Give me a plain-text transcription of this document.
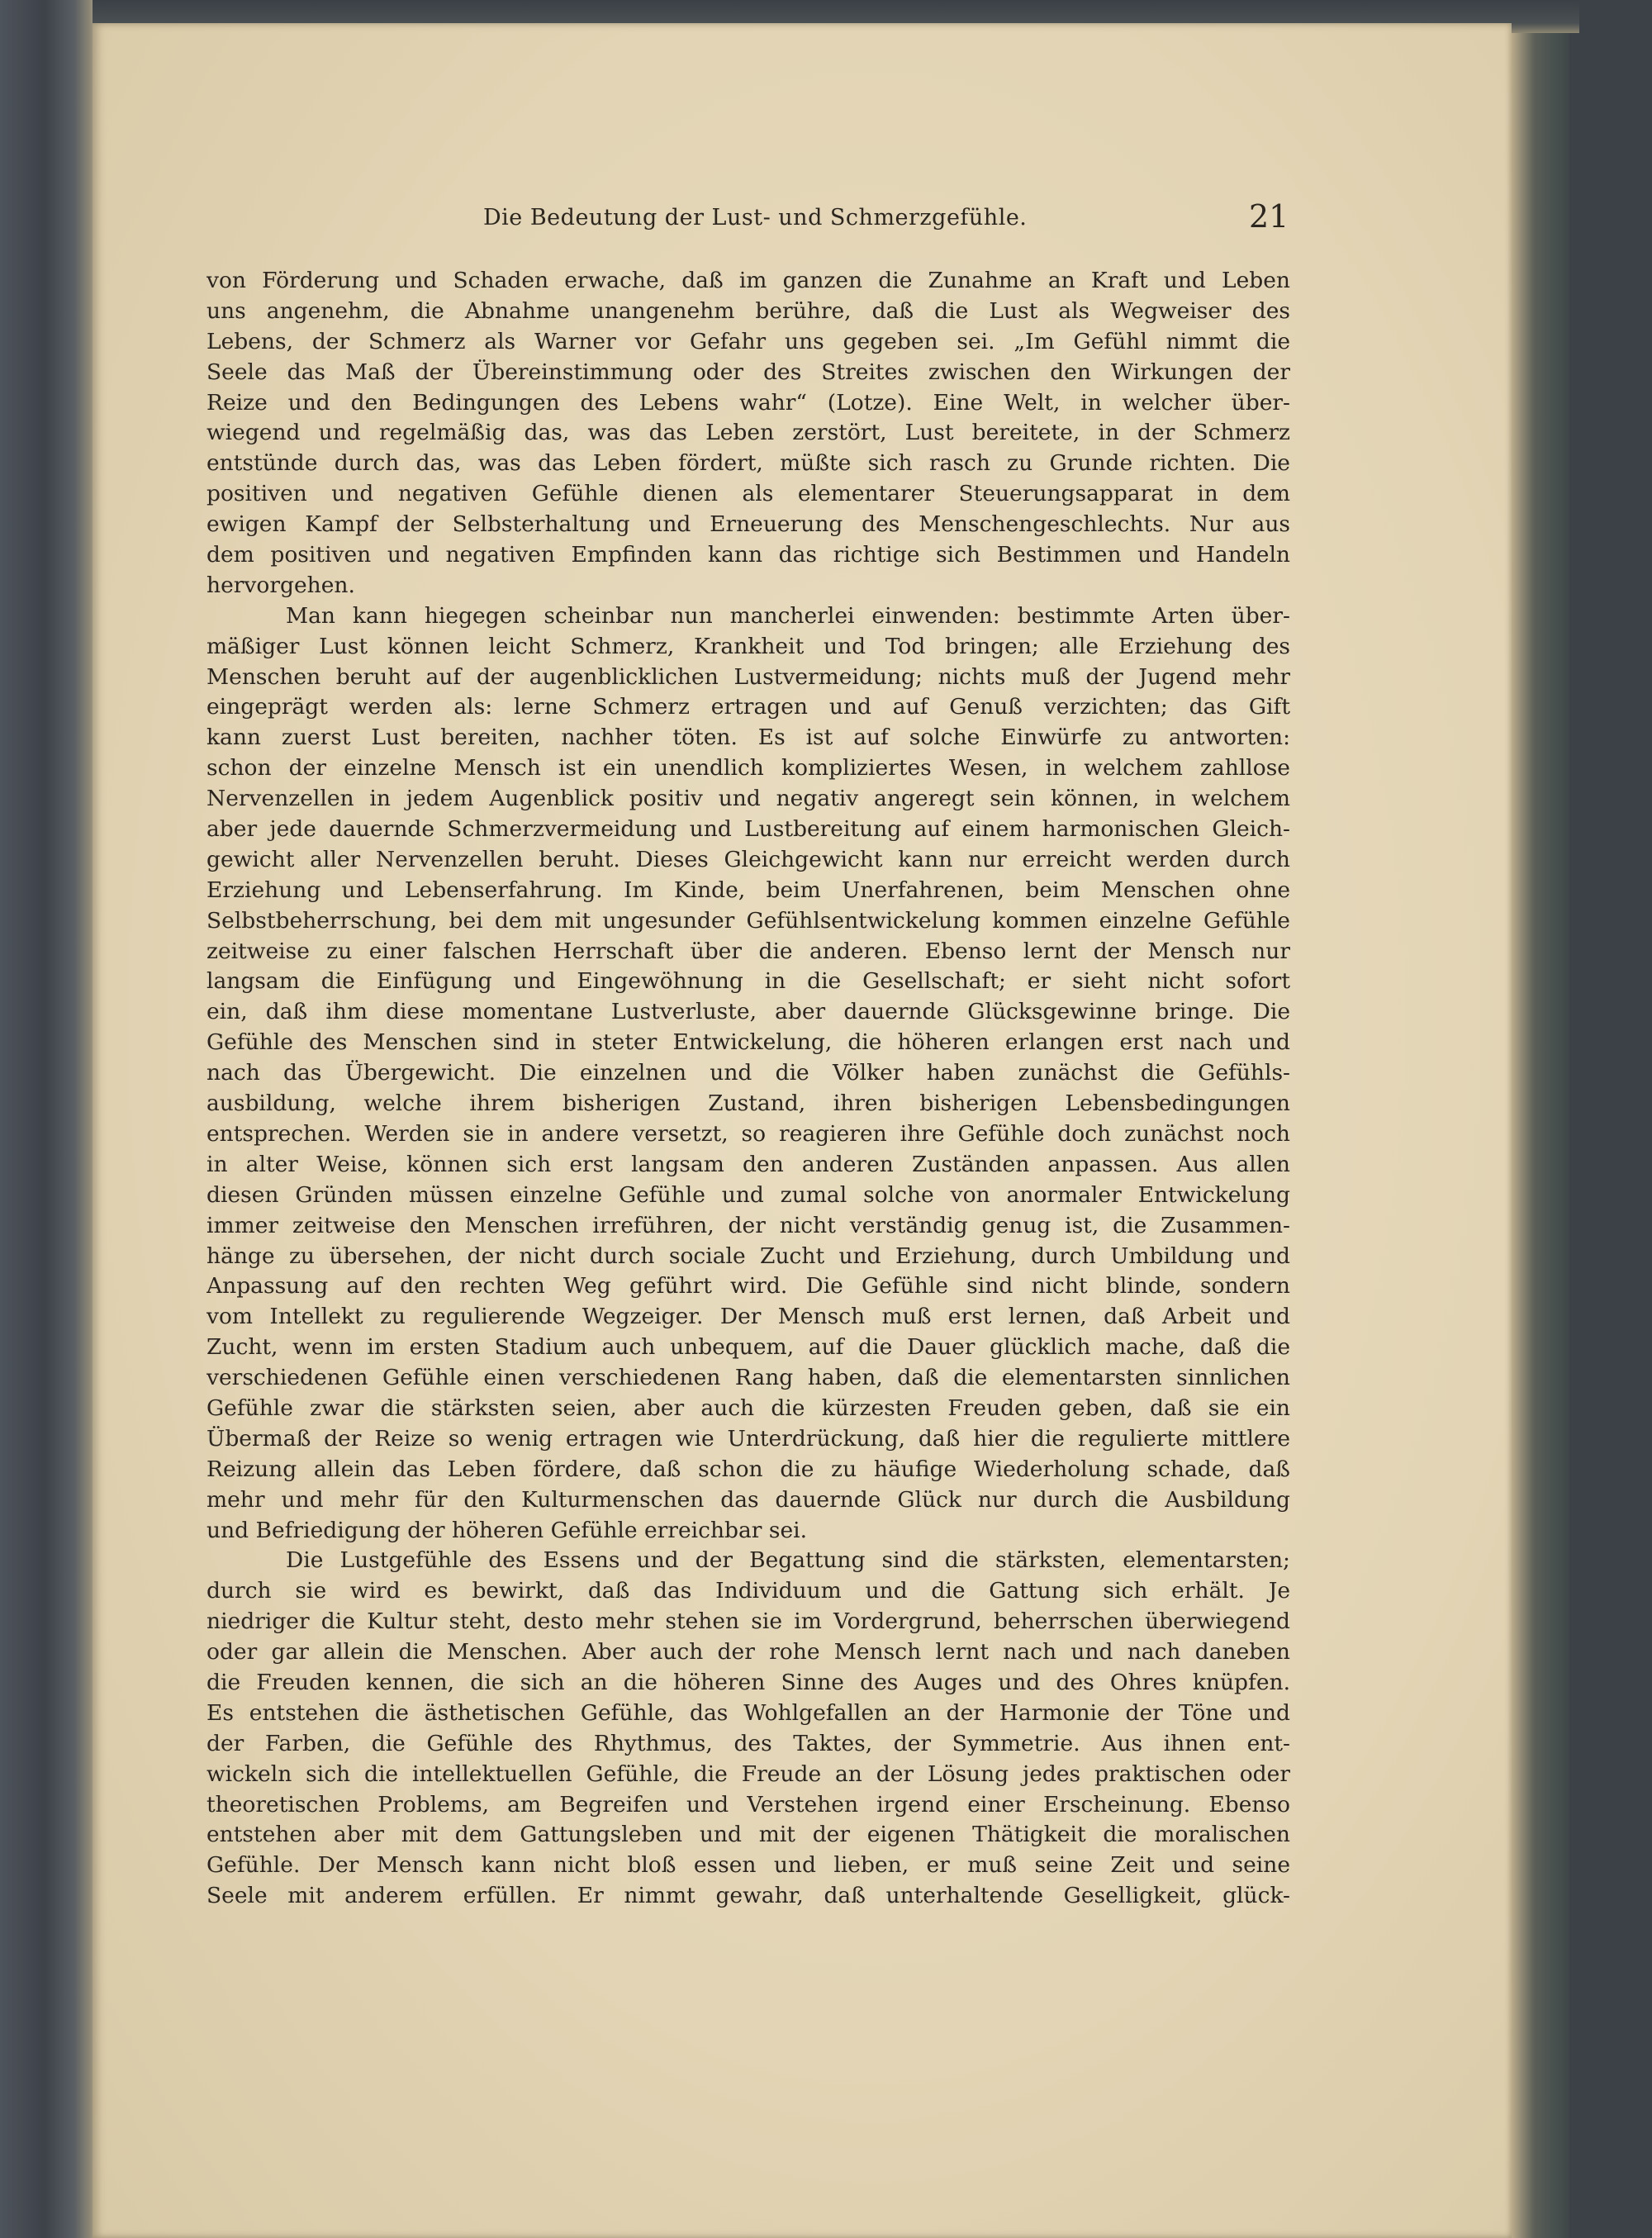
Die Bedeutung der Lust- und Schmerzgefühle.	21
von Förderung und Schaden erwache, daß im ganzen die Zunahme an Kraft und Leben
uns angenehm, die Abnahme unangenehm berühre, daß die Lust als Wegweiser des
Lebens, der Schmerz als Warner vor Gefahr uns gegeben sei. „Im Gefühl nimmt die
Seele das Maß der Übereinstimmung oder des Streites zwischen den Wirkungen der
Reize und den Bedingungen des Lebens wahr“ (Lotze). Eine Welt, in welcher über-
wiegend und regelmäßig das, was das Leben zerstört, Lust bereitete, in der Schmerz
entstünde durch das, was das Leben fördert, müßte sich rasch zu Grunde richten. Die
positiven und negativen Gefühle dienen als elementarer Steuerungsapparat in dem
ewigen Kampf der Selbsterhaltung und Erneuerung des Menschengeschlechts. Nur aus
dem positiven und negativen Empfinden kann das richtige sich Bestimmen und Handeln
hervorgehen.
Man kann hiegegen scheinbar nun mancherlei einwenden: bestimmte Arten über-
mäßiger Lust können leicht Schmerz, Krankheit und Tod bringen; alle Erziehung des
Menschen beruht auf der augenblicklichen Lustvermeidung; nichts muß der Jugend mehr
eingeprägt werden als: lerne Schmerz ertragen und auf Genuß verzichten; das Gift
kann zuerst Lust bereiten, nachher töten. Es ist auf solche Einwürfe zu antworten:
schon der einzelne Mensch ist ein unendlich kompliziertes Wesen, in welchem zahllose
Nervenzellen in jedem Augenblick positiv und negativ angeregt sein können, in welchem
aber jede dauernde Schmerzvermeidung und Lustbereitung auf einem harmonischen Gleich-
gewicht aller Nervenzellen beruht. Dieses Gleichgewicht kann nur erreicht werden durch
Erziehung und Lebenserfahrung. Im Kinde, beim Unerfahrenen, beim Menschen ohne
Selbstbeherrschung, bei dem mit ungesunder Gefühlsentwickelung kommen einzelne Gefühle
zeitweise zu einer falschen Herrschaft über die anderen. Ebenso lernt der Mensch nur
langsam die Einfügung und Eingewöhnung in die Gesellschaft; er sieht nicht sofort
ein, daß ihm diese momentane Lustverluste, aber dauernde Glücksgewinne bringe. Die
Gefühle des Menschen sind in steter Entwickelung, die höheren erlangen erst nach und
nach das Übergewicht. Die einzelnen und die Völker haben zunächst die Gefühls-
ausbildung, welche ihrem bisherigen Zustand, ihren bisherigen Lebensbedingungen
entsprechen. Werden sie in andere versetzt, so reagieren ihre Gefühle doch zunächst noch
in alter Weise, können sich erst langsam den anderen Zuständen anpassen. Aus allen
diesen Gründen müssen einzelne Gefühle und zumal solche von anormaler Entwickelung
immer zeitweise den Menschen irreführen, der nicht verständig genug ist, die Zusammen-
hänge zu übersehen, der nicht durch sociale Zucht und Erziehung, durch Umbildung und
Anpassung auf den rechten Weg geführt wird. Die Gefühle sind nicht blinde, sondern
vom Intellekt zu regulierende Wegzeiger. Der Mensch muß erst lernen, daß Arbeit und
Zucht, wenn im ersten Stadium auch unbequem, auf die Dauer glücklich mache, daß die
verschiedenen Gefühle einen verschiedenen Rang haben, daß die elementarsten sinnlichen
Gefühle zwar die stärksten seien, aber auch die kürzesten Freuden geben, daß sie ein
Übermaß der Reize so wenig ertragen wie Unterdrückung, daß hier die regulierte mittlere
Reizung allein das Leben fördere, daß schon die zu häufige Wiederholung schade, daß
mehr und mehr für den Kulturmenschen das dauernde Glück nur durch die Ausbildung
und Befriedigung der höheren Gefühle erreichbar sei.
Die Lustgefühle des Essens und der Begattung sind die stärksten, elementarsten;
durch sie wird es bewirkt, daß das Individuum und die Gattung sich erhält. Je
niedriger die Kultur steht, desto mehr stehen sie im Vordergrund, beherrschen überwiegend
oder gar allein die Menschen. Aber auch der rohe Mensch lernt nach und nach daneben
die Freuden kennen, die sich an die höheren Sinne des Auges und des Ohres knüpfen.
Es entstehen die ästhetischen Gefühle, das Wohlgefallen an der Harmonie der Töne und
der Farben, die Gefühle des Rhythmus, des Taktes, der Symmetrie. Aus ihnen ent-
wickeln sich die intellektuellen Gefühle, die Freude an der Lösung jedes praktischen oder
theoretischen Problems, am Begreifen und Verstehen irgend einer Erscheinung. Ebenso
entstehen aber mit dem Gattungsleben und mit der eigenen Thätigkeit die moralischen
Gefühle. Der Mensch kann nicht bloß essen und lieben, er muß seine Zeit und seine
Seele mit anderem erfüllen. Er nimmt gewahr, daß unterhaltende Geselligkeit, glück-
